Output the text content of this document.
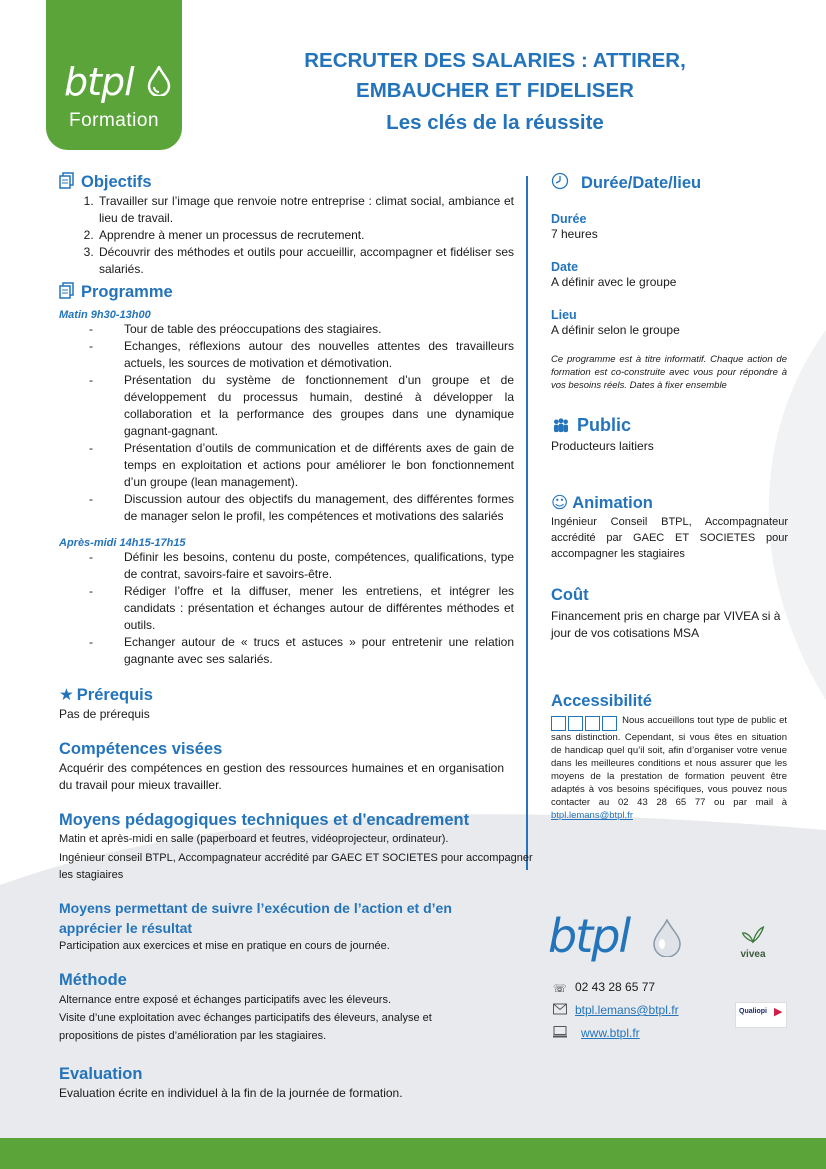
btpl
Formation
RECRUTER DES SALARIES : ATTIRER,
EMBAUCHER ET FIDELISER
Les clés de la réussite
Objectifs
1. Travailler sur l’image que renvoie notre entreprise : climat social, ambiance et lieu de travail.
2. Apprendre à mener un processus de recrutement.
3. Découvrir des méthodes et outils pour accueillir, accompagner et fidéliser ses salariés.
Programme
Matin 9h30-13h00
- Tour de table des préoccupations des stagiaires.
- Echanges, réflexions autour des nouvelles attentes des travailleurs actuels, les sources de motivation et démotivation.
- Présentation du système de fonctionnement d’un groupe et de développement du processus humain, destiné à développer la collaboration et la performance des groupes dans une dynamique gagnant-gagnant.
- Présentation d’outils de communication et de différents axes de gain de temps en exploitation et actions pour améliorer le bon fonctionnement d’un groupe (lean management).
- Discussion autour des objectifs du management, des différentes formes de manager selon le profil, les compétences et motivations des salariés
Après-midi 14h15-17h15
- Définir les besoins, contenu du poste, compétences, qualifications, type de contrat, savoirs-faire et savoirs-être.
- Rédiger l’offre et la diffuser, mener les entretiens, et intégrer les candidats : présentation et échanges autour de différentes méthodes et outils.
- Echanger autour de « trucs et astuces » pour entretenir une relation gagnante avec ses salariés.
★ Prérequis
Pas de prérequis
Compétences visées
Acquérir des compétences en gestion des ressources humaines et en organisation du travail pour mieux travailler.
Moyens pédagogiques techniques et d'encadrement
Matin et après-midi en salle (paperboard et feutres, vidéoprojecteur, ordinateur).
Ingénieur conseil BTPL, Accompagnateur accrédité par GAEC ET SOCIETES pour accompagner les stagiaires
Moyens permettant de suivre l’exécution de l’action et d’en apprécier le résultat
Participation aux exercices et mise en pratique en cours de journée.
Méthode
Alternance entre exposé et échanges participatifs avec les éleveurs.
Visite d’une exploitation avec échanges participatifs des éleveurs, analyse et propositions de pistes d’amélioration par les stagiaires.
Evaluation
Evaluation écrite en individuel à la fin de la journée de formation.
Durée/Date/lieu
Durée
7 heures
Date
A définir avec le groupe
Lieu
A définir selon le groupe
Ce programme est à titre informatif. Chaque action de formation est co-construite avec vous pour répondre à vos besoins réels. Dates à fixer ensemble
Public
Producteurs laitiers
☺ Animation
Ingénieur Conseil BTPL, Accompagnateur accrédité par GAEC ET SOCIETES pour accompagner les stagiaires
Coût
Financement pris en charge par VIVEA si à jour de vos cotisations MSA
Accessibilité
Nous accueillons tout type de public et sans distinction. Cependant, si vous êtes en situation de handicap quel qu’il soit, afin d’organiser votre venue dans les meilleures conditions et nous assurer que les moyens de la prestation de formation peuvent être adaptés à vos besoins spécifiques, vous pouvez nous contacter au 02 43 28 65 77 ou par mail à btpl.lemans@btpl.fr
btpl	vivea
Qualiopi ▶
☏ 02 43 28 65 77
btpl.lemans@btpl.fr
www.btpl.fr
